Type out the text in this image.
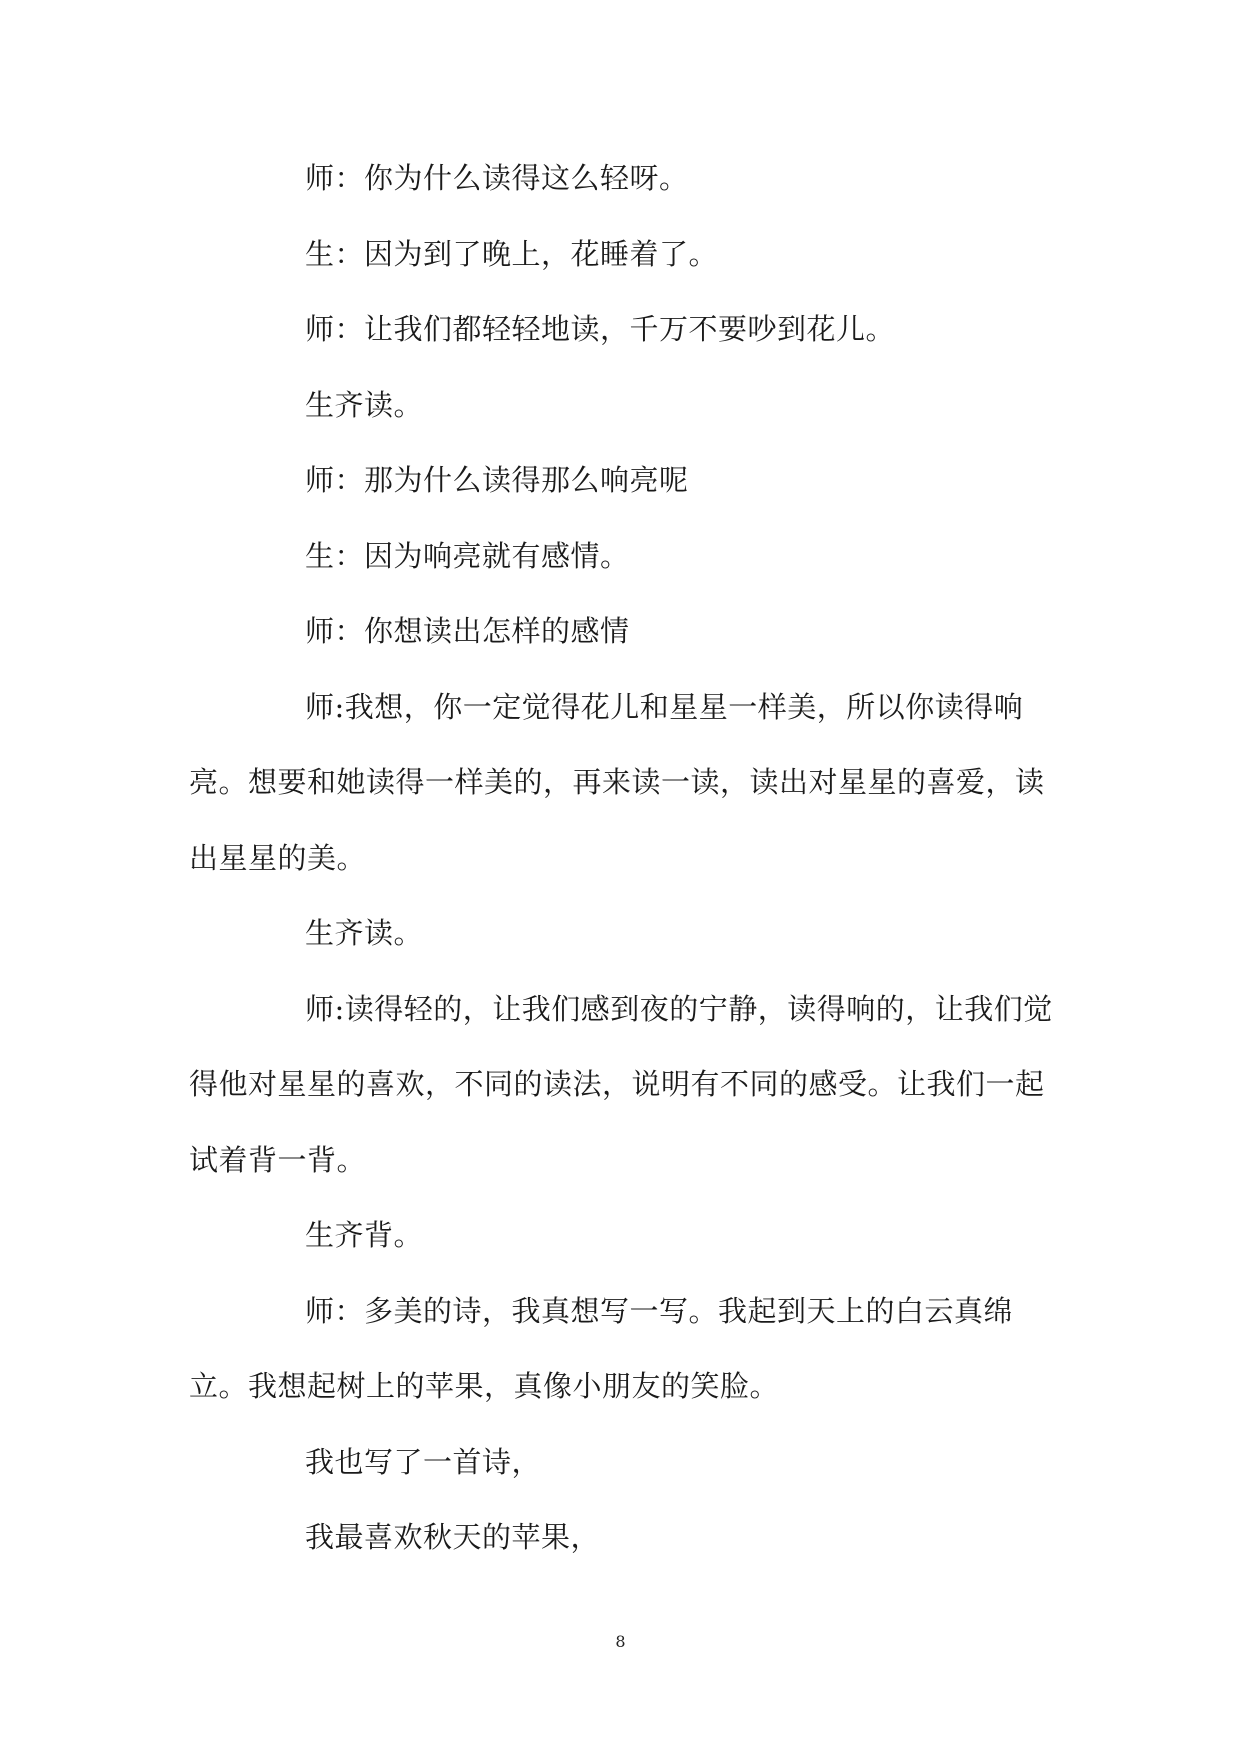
师：你为什么读得这么轻呀。

生：因为到了晚上，花睡着了。

师：让我们都轻轻地读，千万不要吵到花儿。

生齐读。

师：那为什么读得那么响亮呢

生：因为响亮就有感情。

师：你想读出怎样的感情

师:我想，你一定觉得花儿和星星一样美，所以你读得响亮。想要和她读得一样美的，再来读一读，读出对星星的喜爱，读出星星的美。

生齐读。

师:读得轻的，让我们感到夜的宁静，读得响的，让我们觉得他对星星的喜欢，不同的读法，说明有不同的感受。让我们一起试着背一背。

生齐背。

师：多美的诗，我真想写一写。我起到天上的白云真绵立。我想起树上的苹果，真像小朋友的笑脸。

我也写了一首诗，

我最喜欢秋天的苹果，

8
